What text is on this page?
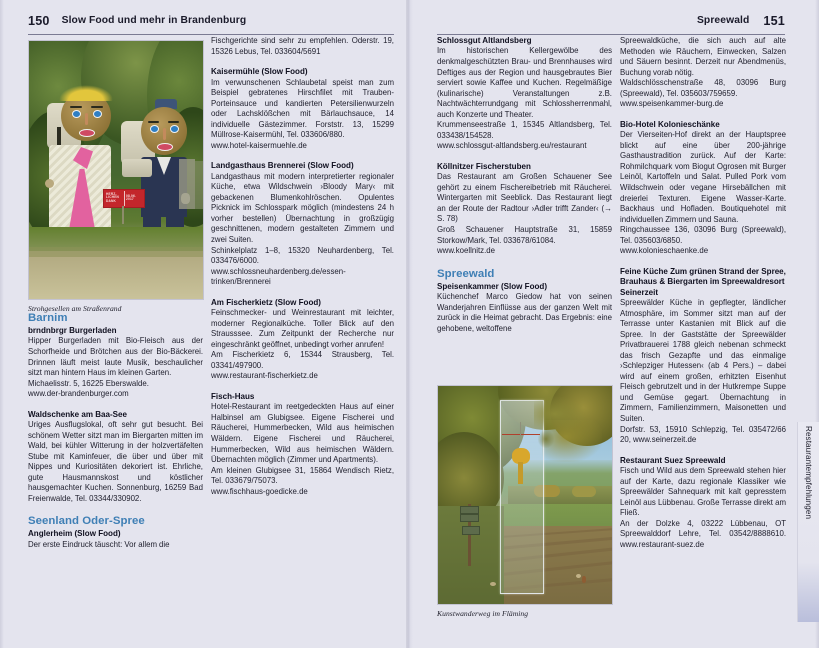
150 Slow Food und mehr in Brandenburg	Spreewald 151
HERZ-
LICHEN
DANK
08.06.
2017
Strohgesellen am Straßenrand
Kunstwanderweg im Fläming
Barnim
brndnbrgr Burgerladen

Hipper Burgerladen mit Bio-Fleisch aus der Schorfheide und Brötchen aus der Bio-Bäckerei. Drinnen läuft meist laute Musik, beschaulicher sitzt man hintern Haus im kleinen Garten.

Michaelisstr. 5, 16225 Eberswalde.

www.der-brandenburger.com

Waldschenke am Baa-See

Uriges Ausflugslokal, oft sehr gut besucht. Bei schönem Wetter sitzt man im Biergarten mitten im Wald, bei kühler Witterung in der holzvertäfelten Stube mit Kaminfeuer, die über und über mit Nippes und Kuriositäten dekoriert ist. Ehrliche, gute Hausmannskost und köstlicher hausgemachter Kuchen. Sonnenburg, 16259 Bad Freienwalde, Tel. 03344/330902.

Seenland Oder-Spree
Anglerheim (Slow Food)

Der erste Eindruck täuscht: Vor allem die

Fischgerichte sind sehr zu empfehlen. Oderstr. 19, 15326 Lebus, Tel. 033604/5691

Kaisermühle (Slow Food)

Im verwunschenen Schlaubetal speist man zum Beispiel gebratenes Hirschfilet mit Trauben-Porteinsauce und kandierten Petersilienwurzeln oder Lachsklößchen mit Bärlauchsauce, 14 individuelle Gästezimmer. Forststr. 13, 15299 Müllrose-Kaisermühl, Tel. 033606/880.

www.hotel-kaisermuehle.de

Landgasthaus Brennerei (Slow Food)

Landgasthaus mit modern interpretierter regionaler Küche, etwa Wildschwein ›Bloody Mary‹ mit gebackenen Blumenkohlröschen. Opulentes Picknick im Schlosspark möglich (mindestens 24 h vorher bestellen) Übernachtung in großzügig geschnittenen, modern gestalteten Zimmern und zwei Suiten.

Schinkelplatz 1–8, 15320 Neuhardenberg, Tel. 033476/6000.

www.schlossneuhardenberg.de/essen-trinken/Brennerei

Am Fischerkietz (Slow Food)

Feinschmecker- und Weinrestaurant mit leichter, moderner Regionalküche. Toller Blick auf den Strausssee. Zum Zeitpunkt der Recherche nur eingeschränkt geöffnet, unbedingt vorher anrufen!

Am Fischerkietz 6, 15344 Strausberg, Tel. 03341/497900.

www.restaurant-fischerkietz.de

Fisch-Haus

Hotel-Restaurant im reetgedeckten Haus auf einer Halbinsel am Glubigsee. Eigene Fischerei und Räucherei, Hummerbecken, Wild aus heimischen Wäldern. Eigene Fischerei und Räucherei, Hummerbecken, Wild aus heimischen Wäldern. Übernachten möglich (Zimmer und Apartments).

Am kleinen Glubigsee 31, 15864 Wendisch Rietz, Tel. 033679/75073.

www.fischhaus-goedicke.de

Schlossgut Altlandsberg

Im historischen Kellergewölbe des denkmalgeschützten Brau- und Brennhauses wird Deftiges aus der Region und hausgebrautes Bier serviert sowie Kaffee und Kuchen. Regelmäßige (kulinarische) Veranstaltungen z.B. Nachtwächterrundgang mit Schlossherrenmahl, auch Konzerte und Theater.

Krummenseestraße 1, 15345 Altlandsberg, Tel. 033438/154528.

www.schlossgut-altlandsberg.eu/restaurant

Köllnitzer Fischerstuben

Das Restaurant am Großen Schauener See gehört zu einem Fischereibetrieb mit Räucherei. Wintergarten mit Seeblick. Das Restaurant liegt an der Route der Radtour ›Adler trifft Zander‹ (→ S. 78)

Groß Schauener Hauptstraße 31, 15859 Storkow/Mark, Tel. 033678/61084.

www.koellnitz.de

Spreewald
Speisenkammer (Slow Food)

Küchenchef Marco Giedow hat von seinen Wanderjahren Einflüsse aus der ganzen Welt mit zurück in die Heimat gebracht. Das Ergebnis: eine gehobene, weltoffene

Spreewaldküche, die sich auch auf alte Methoden wie Räuchern, Einwecken, Salzen und Säuern besinnt. Derzeit nur Abendmenüs, Buchung vorab nötig.

Waldschlösschenstraße 48, 03096 Burg (Spreewald), Tel. 035603/759659.

www.speisenkammer-burg.de

Bio-Hotel Kolonieschänke

Der Vierseiten-Hof direkt an der Hauptspree blickt auf eine über 200-jährige Gasthaustradition zurück. Auf der Karte: Rohmilchquark vom Biogut Ogrosen mit Burger Leinöl, Kartoffeln und Salat. Pulled Pork vom Wildschwein oder vegane Hirsebällchen mit dreierlei Texturen. Eigene Wasser-Karte. Backhaus und Hofladen. Boutiquehotel mit individuellen Zimmern und Sauna.

Ringchaussee 136, 03096 Burg (Spreewald), Tel. 035603/6850.

www.kolonieschaenke.de

Feine Küche Zum grünen Strand der Spree, Brauhaus & Biergarten im Spreewaldresort Seinerzeit

Spreewälder Küche in gepflegter, ländlicher Atmosphäre, im Sommer sitzt man auf der Terrasse unter Kastanien mit Blick auf die Spree. In der Gaststätte der Spreewälder Privatbrauerei 1788 gleich nebenan schmeckt das frisch Gezapfte und das einmalige ›Schlepziger Hutessen‹ (ab 4 Pers.) – dabei wird auf einem großen, erhitzten Eisenhut Fleisch gebrutzelt und in der Hutkrempe Suppe und Gemüse gegart. Übernachtung in Zimmern, Familienzimmern, Maisonetten und Suiten.

Dorfstr. 53, 15910 Schlepzig, Tel. 035472/66 20, www.seinerzeit.de

Restaurant Suez Spreewald

Fisch und Wild aus dem Spreewald stehen hier auf der Karte, dazu regionale Klassiker wie Spreewälder Sahnequark mit kalt gepresstem Leinöl aus Lübbenau. Große Terrasse direkt am Fließ.

An der Dolzke 4, 03222 Lübbenau, OT Spreewalddorf Lehre, Tel. 03542/8888610. www.restaurant-suez.de

Restaurantempfehlungen
